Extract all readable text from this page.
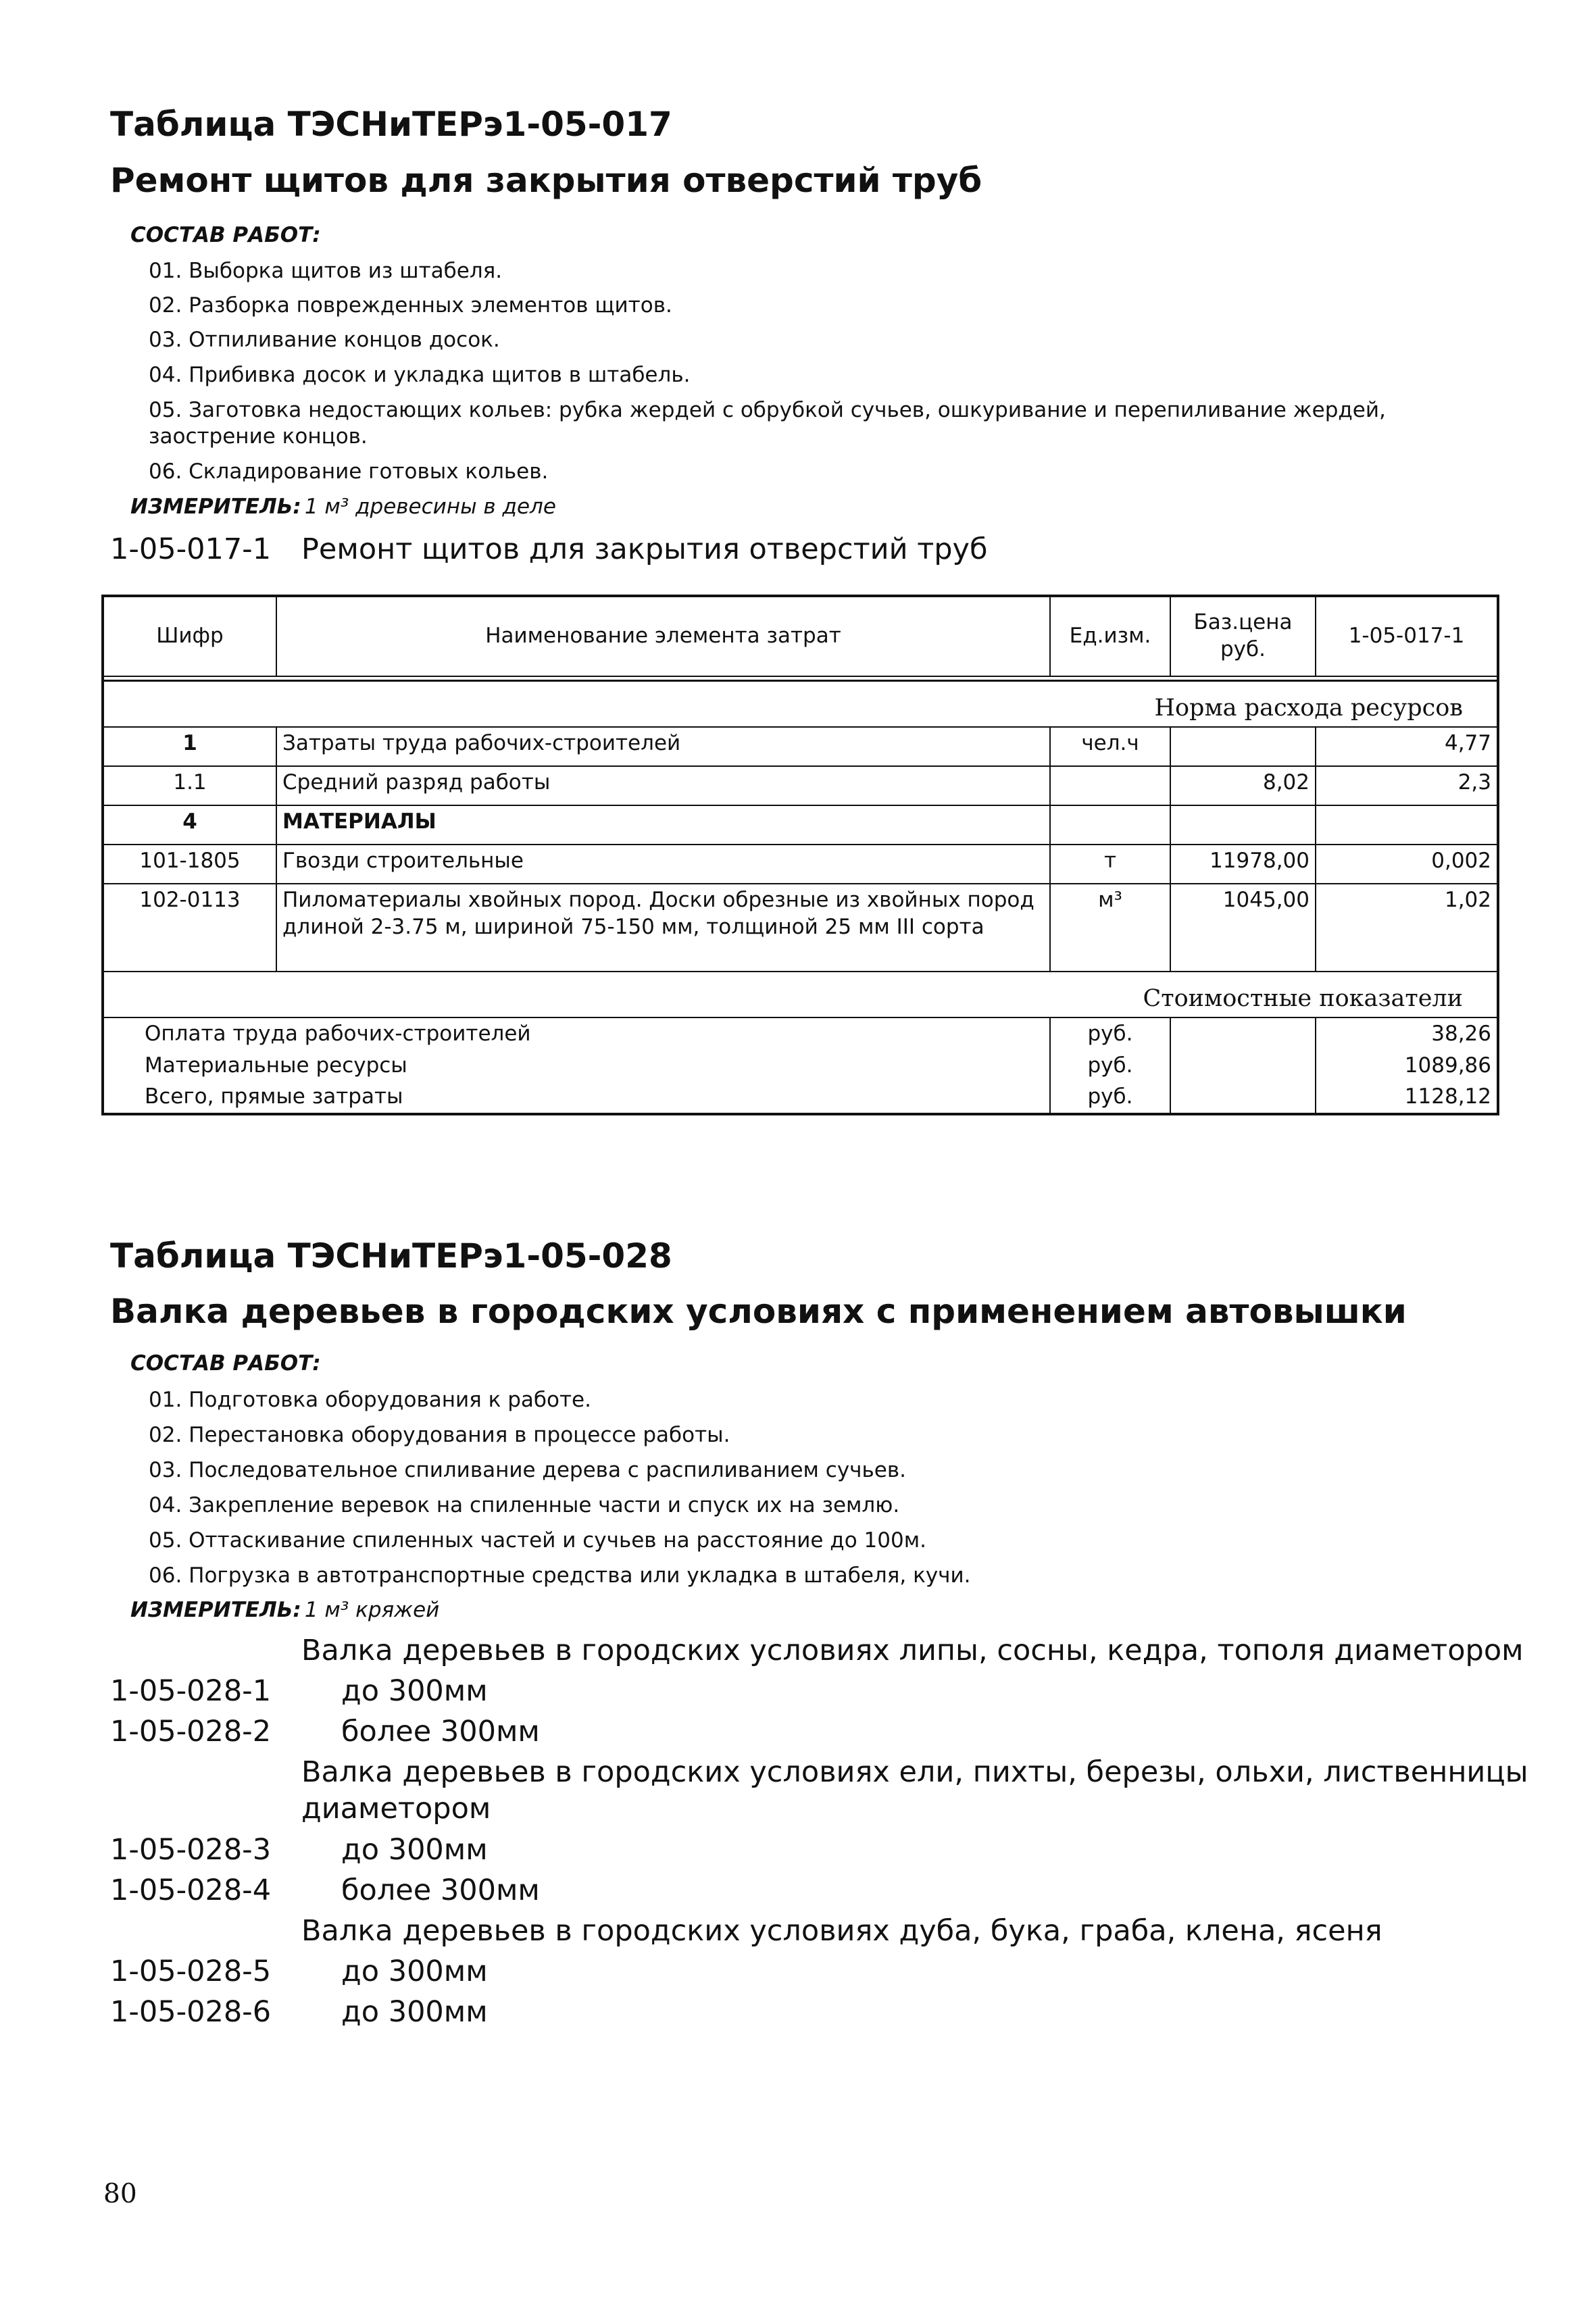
Таблица ТЭСНиТЕРэ1-05-017
Ремонт щитов для закрытия отверстий труб
СОСТАВ РАБОТ:
01. Выборка щитов из штабеля.
02. Разборка поврежденных элементов щитов.
03. Отпиливание концов досок.
04. Прибивка досок и укладка щитов в штабель.
05. Заготовка недостающих кольев: рубка жердей с обрубкой сучьев, ошкуривание и перепиливание жердей,
заострение концов.
06. Складирование готовых кольев.
ИЗМЕРИТЕЛЬ: 1 м³ древесины в деле
1-05-017-1 Ремонт щитов для закрытия отверстий труб
Шифр	Наименование элемента затрат	Ед.изм.	Баз.цена руб.	1-05-017-1

Норма расхода ресурсов				
1	Затраты труда рабочих-строителей	чел.ч		4,77
1.1	Средний разряд работы		8,02	2,3
4	МАТЕРИАЛЫ			
101-1805	Гвозди строительные	т	11978,00	0,002
102-0113	Пиломатериалы хвойных пород. Доски обрезные из хвойных пород длиной 2-3.75 м, шириной 75-150 мм, толщиной 25 мм III сорта	м³	1045,00	1,02
Стоимостные показатели				
Оплата труда рабочих-строителей		руб.		38,26
Материальные ресурсы		руб.		1089,86
Всего, прямые затраты		руб.		1128,12
Таблица ТЭСНиТЕРэ1-05-028
Валка деревьев в городских условиях с применением автовышки
СОСТАВ РАБОТ:
01. Подготовка оборудования к работе.
02. Перестановка оборудования в процессе работы.
03. Последовательное спиливание дерева с распиливанием сучьев.
04. Закрепление веревок на спиленные части и спуск их на землю.
05. Оттаскивание спиленных частей и сучьев на расстояние до 100м.
06. Погрузка в автотранспортные средства или укладка в штабеля, кучи.
ИЗМЕРИТЕЛЬ: 1 м³ кряжей
Валка деревьев в городских условиях липы, сосны, кедра, тополя диаметором
1-05-028-1 до 300мм
1-05-028-2 более 300мм
Валка деревьев в городских условиях ели, пихты, березы, ольхи, лиственницы
диаметором
1-05-028-3 до 300мм
1-05-028-4 более 300мм
Валка деревьев в городских условиях дуба, бука, граба, клена, ясеня
1-05-028-5 до 300мм
1-05-028-6 до 300мм
80
